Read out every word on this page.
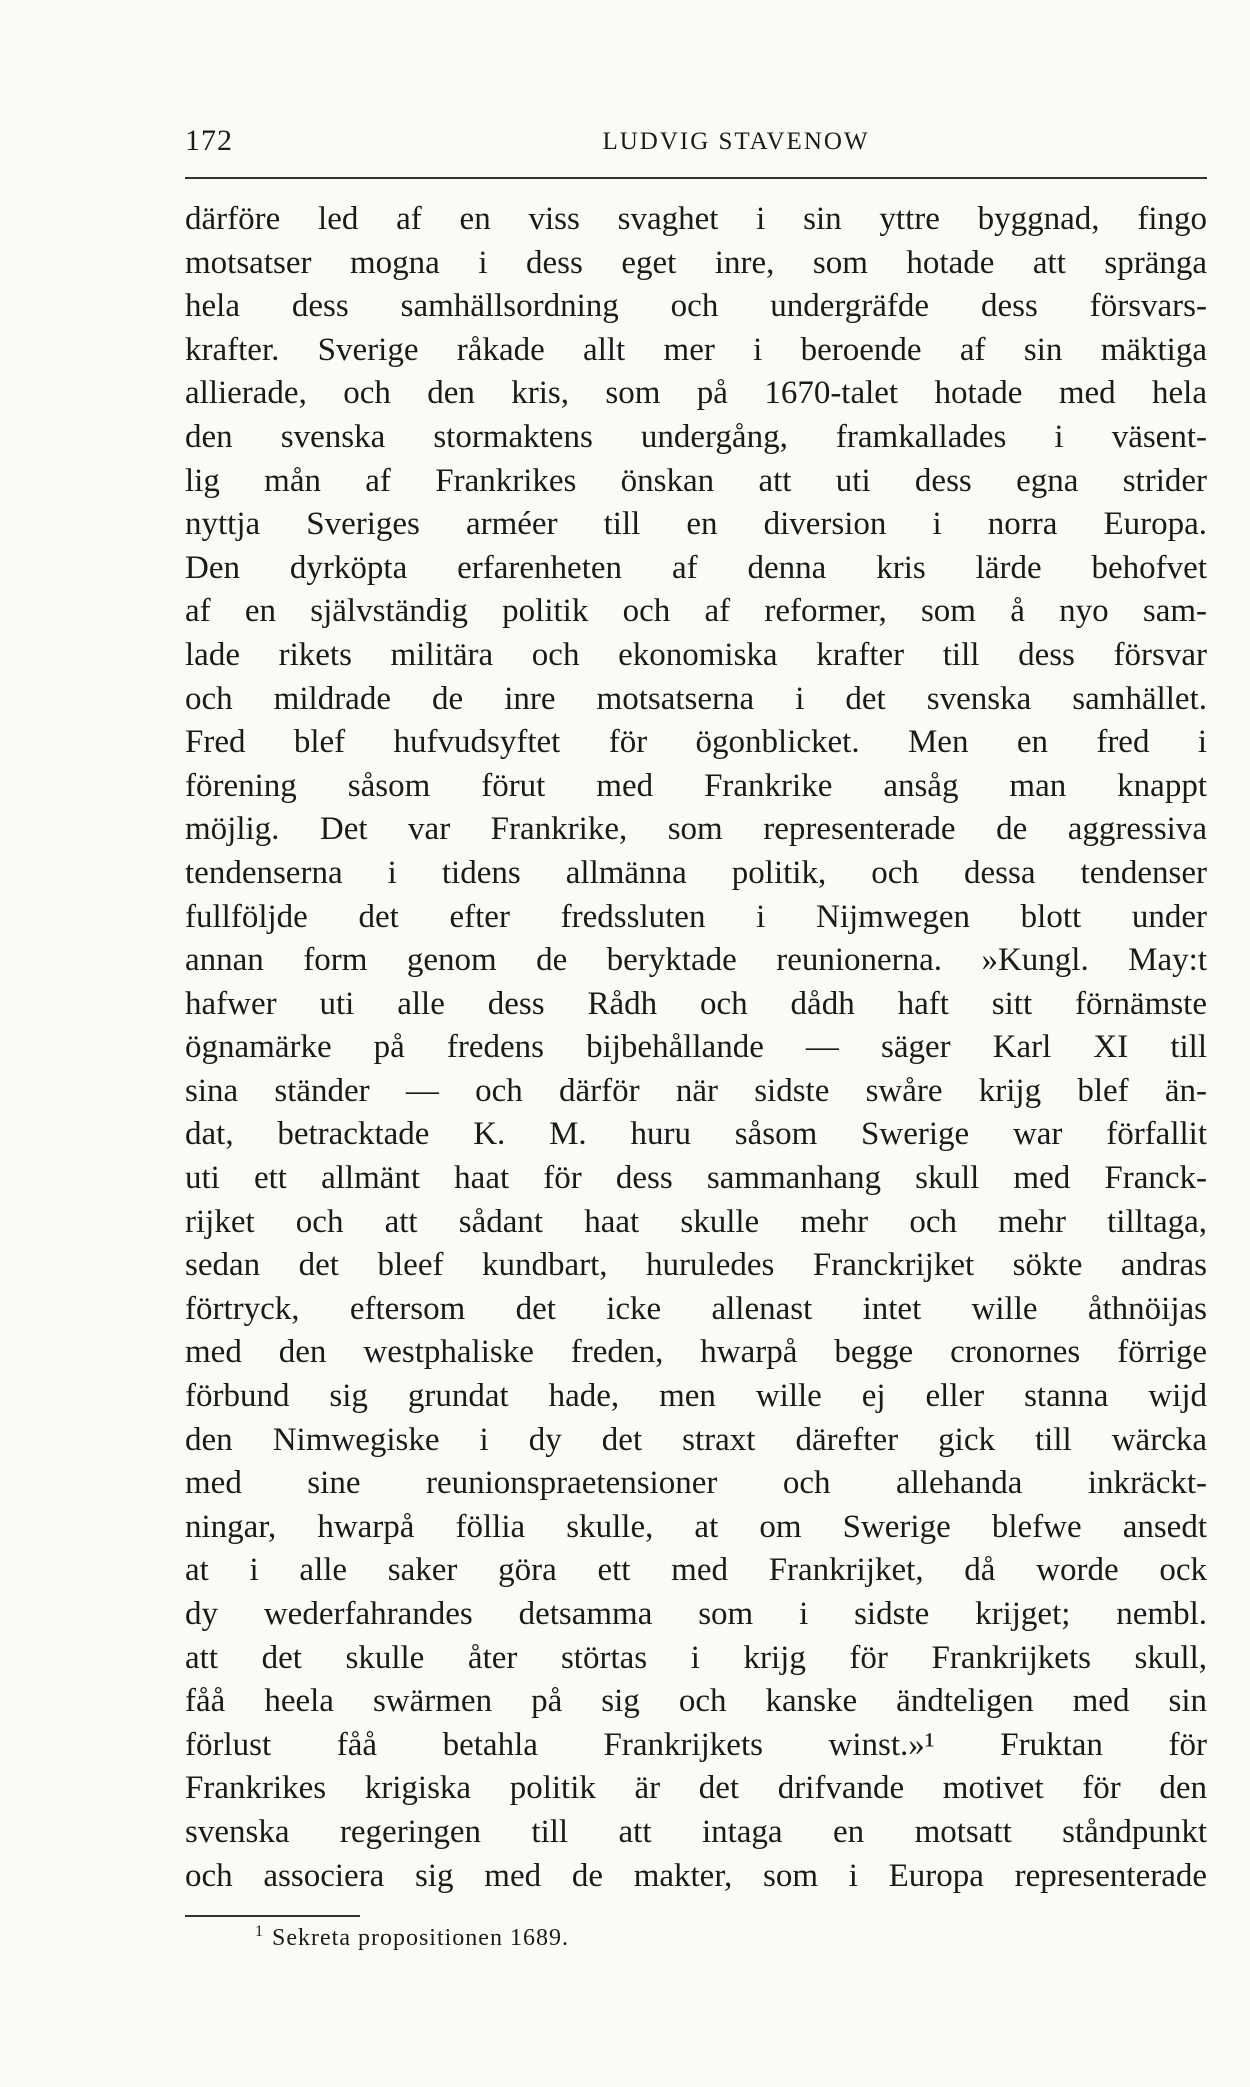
172	LUDVIG STAVENOW
därföre led af en viss svaghet i sin yttre byggnad, fingo
motsatser mogna i dess eget inre, som hotade att spränga
hela dess samhällsordning och undergräfde dess försvars-
krafter. Sverige råkade allt mer i beroende af sin mäktiga
allierade, och den kris, som på 1670-talet hotade med hela
den svenska stormaktens undergång, framkallades i väsent-
lig mån af Frankrikes önskan att uti dess egna strider
nyttja Sveriges arméer till en diversion i norra Europa.
Den dyrköpta erfarenheten af denna kris lärde behofvet
af en självständig politik och af reformer, som å nyo sam-
lade rikets militära och ekonomiska krafter till dess försvar
och mildrade de inre motsatserna i det svenska samhället.
Fred blef hufvudsyftet för ögonblicket. Men en fred i
förening såsom förut med Frankrike ansåg man knappt
möjlig. Det var Frankrike, som representerade de aggressiva
tendenserna i tidens allmänna politik, och dessa tendenser
fullföljde det efter fredssluten i Nijmwegen blott under
annan form genom de beryktade reunionerna. »Kungl. May:t
hafwer uti alle dess Rådh och dådh haft sitt förnämste
ögnamärke på fredens bijbehållande — säger Karl XI till
sina ständer — och därför när sidste swåre krijg blef än-
dat, betracktade K. M. huru såsom Swerige war förfallit
uti ett allmänt haat för dess sammanhang skull med Franck-
rijket och att sådant haat skulle mehr och mehr tilltaga,
sedan det bleef kundbart, huruledes Franckrijket sökte andras
förtryck, eftersom det icke allenast intet wille åthnöijas
med den westphaliske freden, hwarpå begge cronornes förrige
förbund sig grundat hade, men wille ej eller stanna wijd
den Nimwegiske i dy det straxt därefter gick till wärcka
med sine reunionspraetensioner och allehanda inkräckt-
ningar, hwarpå föllia skulle, at om Swerige blefwe ansedt
at i alle saker göra ett med Frankrijket, då worde ock
dy wederfahrandes detsamma som i sidste krijget; nembl.
att det skulle åter störtas i krijg för Frankrijkets skull,
fåå heela swärmen på sig och kanske ändteligen med sin
förlust fåå betahla Frankrijkets winst.»¹ Fruktan för
Frankrikes krigiska politik är det drifvande motivet för den
svenska regeringen till att intaga en motsatt ståndpunkt
och associera sig med de makter, som i Europa representerade
$^1$ Sekreta propositionen 1689.
